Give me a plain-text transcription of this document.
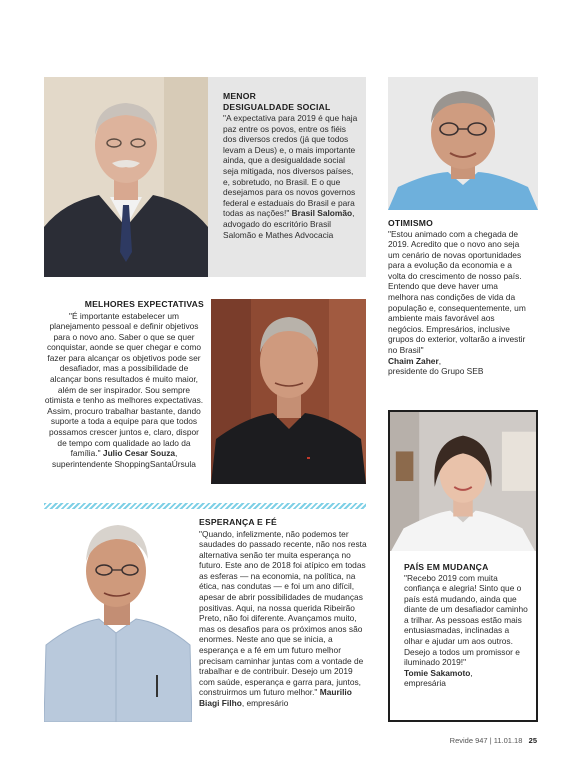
MENOR
DESIGUALDADE SOCIAL

"A expectativa para 2019 é que haja paz entre os povos, entre os fiéis dos diversos credos (já que todos levam a Deus) e, o mais importante ainda, que a desigualdade social seja mitigada, nos diversos países, e, sobretudo, no Brasil. E o que desejamos para os novos governos federal e estaduais do Brasil e para todas as nações!" Brasil Salomão, advogado do escritório Brasil Salomão e Mathes Advocacia

OTIMISMO

"Estou animado com a chegada de 2019. Acredito que o novo ano seja um cenário de novas oportunidades para a evolução da economia e a volta do crescimento de nosso país. Entendo que deve haver uma melhora nas condições de vida da população e, consequentemente, um ambiente mais favorável aos negócios. Empresários, inclusive grupos do exterior, voltarão a investir no Brasil"

Chaim Zaher,
presidente do Grupo SEB

MELHORES EXPECTATIVAS

"É importante estabelecer um planejamento pessoal e definir objetivos para o novo ano. Saber o que se quer conquistar, aonde se quer chegar e como fazer para alcançar os objetivos pode ser desafiador, mas a possibilidade de alcançar bons resultados é muito maior, além de ser inspirador. Sou sempre otimista e tenho as melhores expectativas. Assim, procuro trabalhar bastante, dando suporte a toda a equipe para que todos possamos crescer juntos e, claro, dispor de tempo com qualidade ao lado da família." Julio Cesar Souza, superintendente ShoppingSantaÚrsula

PAÍS EM MUDANÇA

"Recebo 2019 com muita confiança e alegria! Sinto que o país está mudando, ainda que diante de um desafiador caminho a trilhar. As pessoas estão mais entusiasmadas, inclinadas a olhar e ajudar um aos outros. Desejo a todos um promissor e iluminado 2019!"

Tomie Sakamoto,
empresária

ESPERANÇA E FÉ

"Quando, infelizmente, não podemos ter saudades do passado recente, não nos resta alternativa senão ter muita esperança no futuro. Este ano de 2018 foi atípico em todas as esferas — na economia, na política, na ética, nas condutas — e foi um ano difícil, apesar de abrir possibilidades de mudanças positivas. Aqui, na nossa querida Ribeirão Preto, não foi diferente. Avançamos muito, mas os desafios para os próximos anos são enormes. Neste ano que se inicia, a esperança e a fé em um futuro melhor precisam caminhar juntas com a vontade de trabalhar e de contribuir. Desejo um 2019 com saúde, esperança e garra para, juntos, construirmos um futuro melhor." Maurilio Biagi Filho, empresário

Revide 947 | 11.01.18 25
